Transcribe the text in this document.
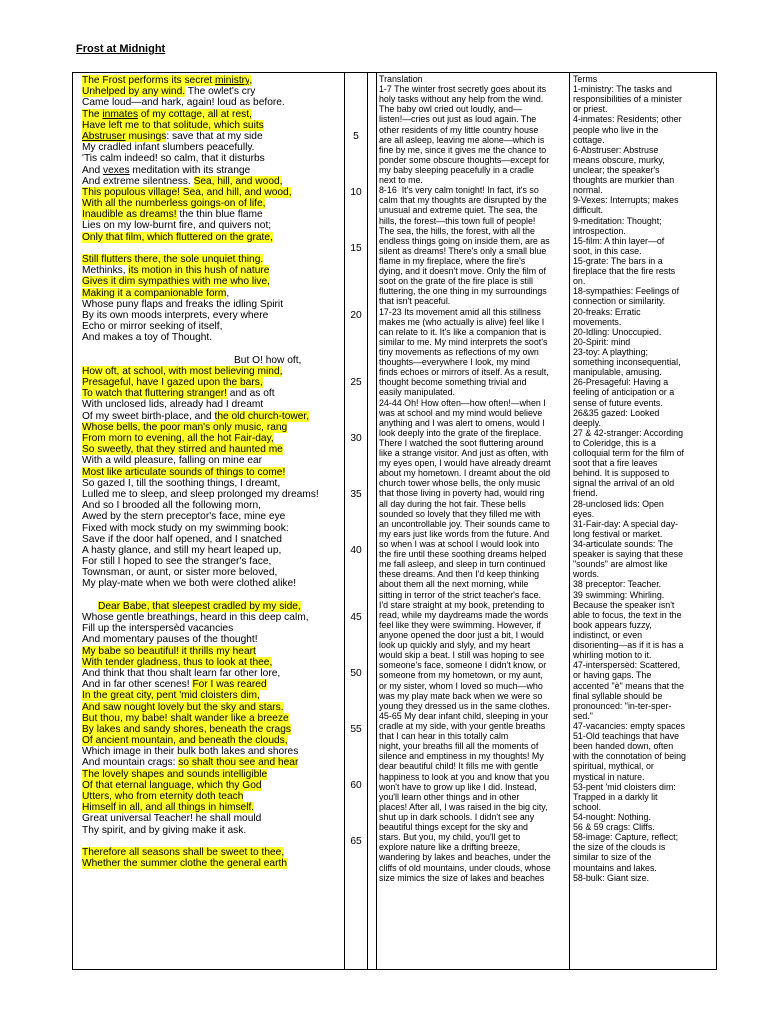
Frost at Midnight
The Frost performs its secret ministry,
Unhelped by any wind. The owlet's cry
Came loud—and hark, again! loud as before.
The inmates of my cottage, all at rest,
Have left me to that solitude, which suits
Abstruser musings: save that at my side
My cradled infant slumbers peacefully.
'Tis calm indeed! so calm, that it disturbs
And vexes meditation with its strange
And extreme silentness. Sea, hill, and wood,
This populous village! Sea, and hill, and wood,
With all the numberless goings-on of life,
Inaudible as dreams! the thin blue flame
Lies on my low-burnt fire, and quivers not;
Only that film, which fluttered on the grate,
Still flutters there, the sole unquiet thing.
Methinks, its motion in this hush of nature
Gives it dim sympathies with me who live,
Making it a companionable form,
Whose puny flaps and freaks the idling Spirit
By its own moods interprets, every where
Echo or mirror seeking of itself,
And makes a toy of Thought.
But O! how oft,
How oft, at school, with most believing mind,
Presageful, have I gazed upon the bars,
To watch that fluttering stranger! and as oft
With unclosed lids, already had I dreamt
Of my sweet birth-place, and the old church-tower,
Whose bells, the poor man's only music, rang
From morn to evening, all the hot Fair-day,
So sweetly, that they stirred and haunted me
With a wild pleasure, falling on mine ear
Most like articulate sounds of things to come!
So gazed I, till the soothing things, I dreamt,
Lulled me to sleep, and sleep prolonged my dreams!
And so I brooded all the following morn,
Awed by the stern preceptor's face, mine eye
Fixed with mock study on my swimming book:
Save if the door half opened, and I snatched
A hasty glance, and still my heart leaped up,
For still I hoped to see the stranger's face,
Townsman, or aunt, or sister more beloved,
My play-mate when we both were clothed alike!
Dear Babe, that sleepest cradled by my side,
Whose gentle breathings, heard in this deep calm,
Fill up the interspersèd vacancies
And momentary pauses of the thought!
My babe so beautiful! it thrills my heart
With tender gladness, thus to look at thee,
And think that thou shalt learn far other lore,
And in far other scenes! For I was reared
In the great city, pent 'mid cloisters dim,
And saw nought lovely but the sky and stars.
But thou, my babe! shalt wander like a breeze
By lakes and sandy shores, beneath the crags
Of ancient mountain, and beneath the clouds,
Which image in their bulk both lakes and shores
And mountain crags: so shalt thou see and hear
The lovely shapes and sounds intelligible
Of that eternal language, which thy God
Utters, who from eternity doth teach
Himself in all, and all things in himself.
Great universal Teacher! he shall mould
Thy spirit, and by giving make it ask.
Therefore all seasons shall be sweet to thee,
Whether the summer clothe the general earth
5
10
15
20
25
30
35
40
45
50
55
60
65
Translation
1-7 The winter frost secretly goes about its
holy tasks without any help from the wind.
The baby owl cried out loudly, and—
listen!—cries out just as loud again. The
other residents of my little country house
are all asleep, leaving me alone—which is
fine by me, since it gives me the chance to
ponder some obscure thoughts—except for
my baby sleeping peacefully in a cradle
next to me.
8-16  It's very calm tonight! In fact, it's so
calm that my thoughts are disrupted by the
unusual and extreme quiet. The sea, the
hills, the forest—this town full of people!
The sea, the hills, the forest, with all the
endless things going on inside them, are as
silent as dreams! There's only a small blue
flame in my fireplace, where the fire's
dying, and it doesn't move. Only the film of
soot on the grate of the fire place is still
fluttering, the one thing in my surroundings
that isn't peaceful.
17-23 Its movement amid all this stillness
makes me (who actually is alive) feel like I
can relate to it. It's like a companion that is
similar to me. My mind interprets the soot's
tiny movements as reflections of my own
thoughts—everywhere I look, my mind
finds echoes or mirrors of itself. As a result,
thought become something trivial and
easily manipulated.
24-44 Oh! How often—how often!—when I
was at school and my mind would believe
anything and I was alert to omens, would I
look deeply into the grate of the fireplace.
There I watched the soot fluttering around
like a strange visitor. And just as often, with
my eyes open, I would have already dreamt
about my hometown. I dreamt about the old
church tower whose bells, the only music
that those living in poverty had, would ring
all day during the hot fair. These bells
sounded so lovely that they filled me with
an uncontrollable joy. Their sounds came to
my ears just like words from the future. And
so when I was at school I would look into
the fire until these soothing dreams helped
me fall asleep, and sleep in turn continued
these dreams. And then I'd keep thinking
about them all the next morning, while
sitting in terror of the strict teacher's face.
I'd stare straight at my book, pretending to
read, while my daydreams made the words
feel like they were swimming. However, if
anyone opened the door just a bit, I would
look up quickly and slyly, and my heart
would skip a beat. I still was hoping to see
someone's face, someone I didn't know, or
someone from my hometown, or my aunt,
or my sister, whom I loved so much—who
was my play mate back when we were so
young they dressed us in the same clothes.
45-65 My dear infant child, sleeping in your
cradle at my side, with your gentle breaths
that I can hear in this totally calm
night, your breaths fill all the moments of
silence and emptiness in my thoughts! My
dear beautiful child! It fills me with gentle
happiness to look at you and know that you
won't have to grow up like I did. Instead,
you'll learn other things and in other
places! After all, I was raised in the big city,
shut up in dark schools. I didn't see any
beautiful things except for the sky and
stars. But you, my child, you'll get to
explore nature like a drifting breeze,
wandering by lakes and beaches, under the
cliffs of old mountains, under clouds, whose
size mimics the size of lakes and beaches
Terms
1-ministry: The tasks and
responsibilities of a minister
or priest.
4-inmates: Residents; other
people who live in the
cottage.
6-Abstruser: Abstruse
means obscure, murky,
unclear; the speaker's
thoughts are murkier than
normal.
9-Vexes: Interrupts; makes
difficult.
9-meditation: Thought;
introspection.
15-film: A thin layer—of
soot, in this case.
15-grate: The bars in a
fireplace that the fire rests
on.
18-sympathies: Feelings of
connection or similarity.
20-freaks: Erratic
movements.
20-Idling: Unoccupied.
20-Spirit: mind
23-toy: A plaything;
something inconsequential,
manipulable, amusing.
26-Presageful: Having a
feeling of anticipation or a
sense of future events.
26&35 gazed: Looked
deeply.
27 & 42-stranger: According
to Coleridge, this is a
colloquial term for the film of
soot that a fire leaves
behind. It is supposed to
signal the arrival of an old
friend.
28-unclosed lids: Open
eyes.
31-Fair-day: A special day-
long festival or market.
34-articulate sounds: The
speaker is saying that these
"sounds" are almost like
words.
38 preceptor: Teacher.
39 swimming: Whirling.
Because the speaker isn't
able to focus, the text in the
book appears fuzzy,
indistinct, or even
disorienting—as if it is has a
whirling motion to it.
47-interspersèd: Scattered,
or having gaps. The
accented "è" means that the
final syllable should be
pronounced: "in-ter-sper-
sed."
47-vacancies: empty spaces
51-Old teachings that have
been handed down, often
with the connotation of being
spiritual, mythical, or
mystical in nature.
53-pent 'mid cloisters dim:
Trapped in a darkly lit
school.
54-nought: Nothing.
56 & 59 crags: Cliffs.
58-image: Capture, reflect;
the size of the clouds is
similar to size of the
mountains and lakes.
58-bulk: Giant size.
